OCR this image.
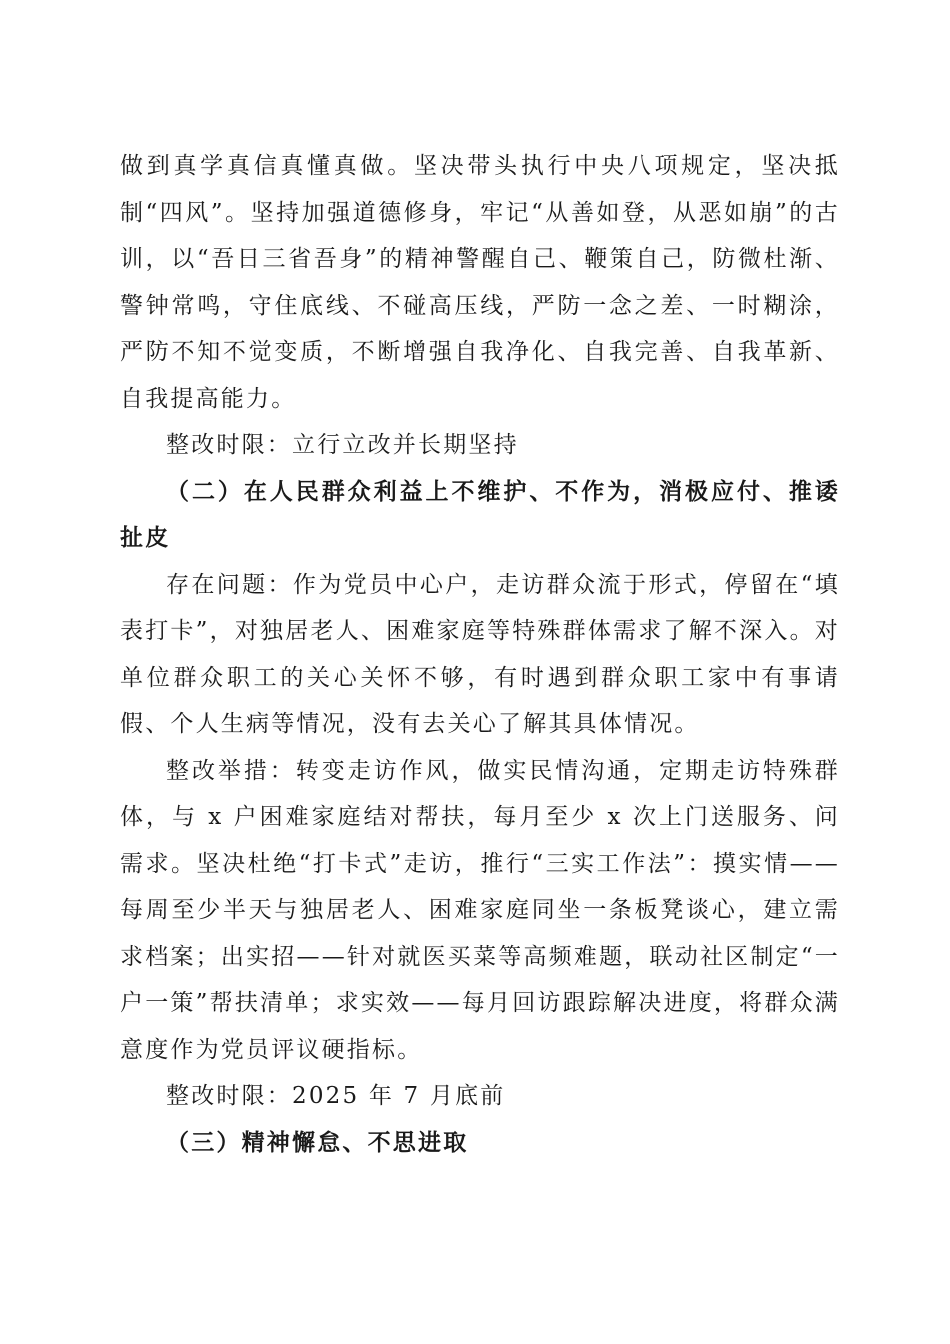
做到真学真信真懂真做。坚决带头执行中央八项规定，坚决抵制“四风”。坚持加强道德修身，牢记“从善如登，从恶如崩”的古训，以“吾日三省吾身”的精神警醒自己、鞭策自己，防微杜渐、警钟常鸣，守住底线、不碰高压线，严防一念之差、一时糊涂，严防不知不觉变质，不断增强自我净化、自我完善、自我革新、自我提高能力。

整改时限：立行立改并长期坚持

（二）在人民群众利益上不维护、不作为，消极应付、推诿扯皮

存在问题：作为党员中心户，走访群众流于形式，停留在“填表打卡”，对独居老人、困难家庭等特殊群体需求了解不深入。对单位群众职工的关心关怀不够，有时遇到群众职工家中有事请假、个人生病等情况，没有去关心了解其具体情况。

整改举措：转变走访作风，做实民情沟通，定期走访特殊群体，与 x 户困难家庭结对帮扶，每月至少 x 次上门送服务、问需求。坚决杜绝“打卡式”走访，推行“三实工作法”：摸实情——每周至少半天与独居老人、困难家庭同坐一条板凳谈心，建立需求档案；出实招——针对就医买菜等高频难题，联动社区制定“一户一策”帮扶清单；求实效——每月回访跟踪解决进度，将群众满意度作为党员评议硬指标。

整改时限：2025 年 7 月底前

（三）精神懈怠、不思进取
